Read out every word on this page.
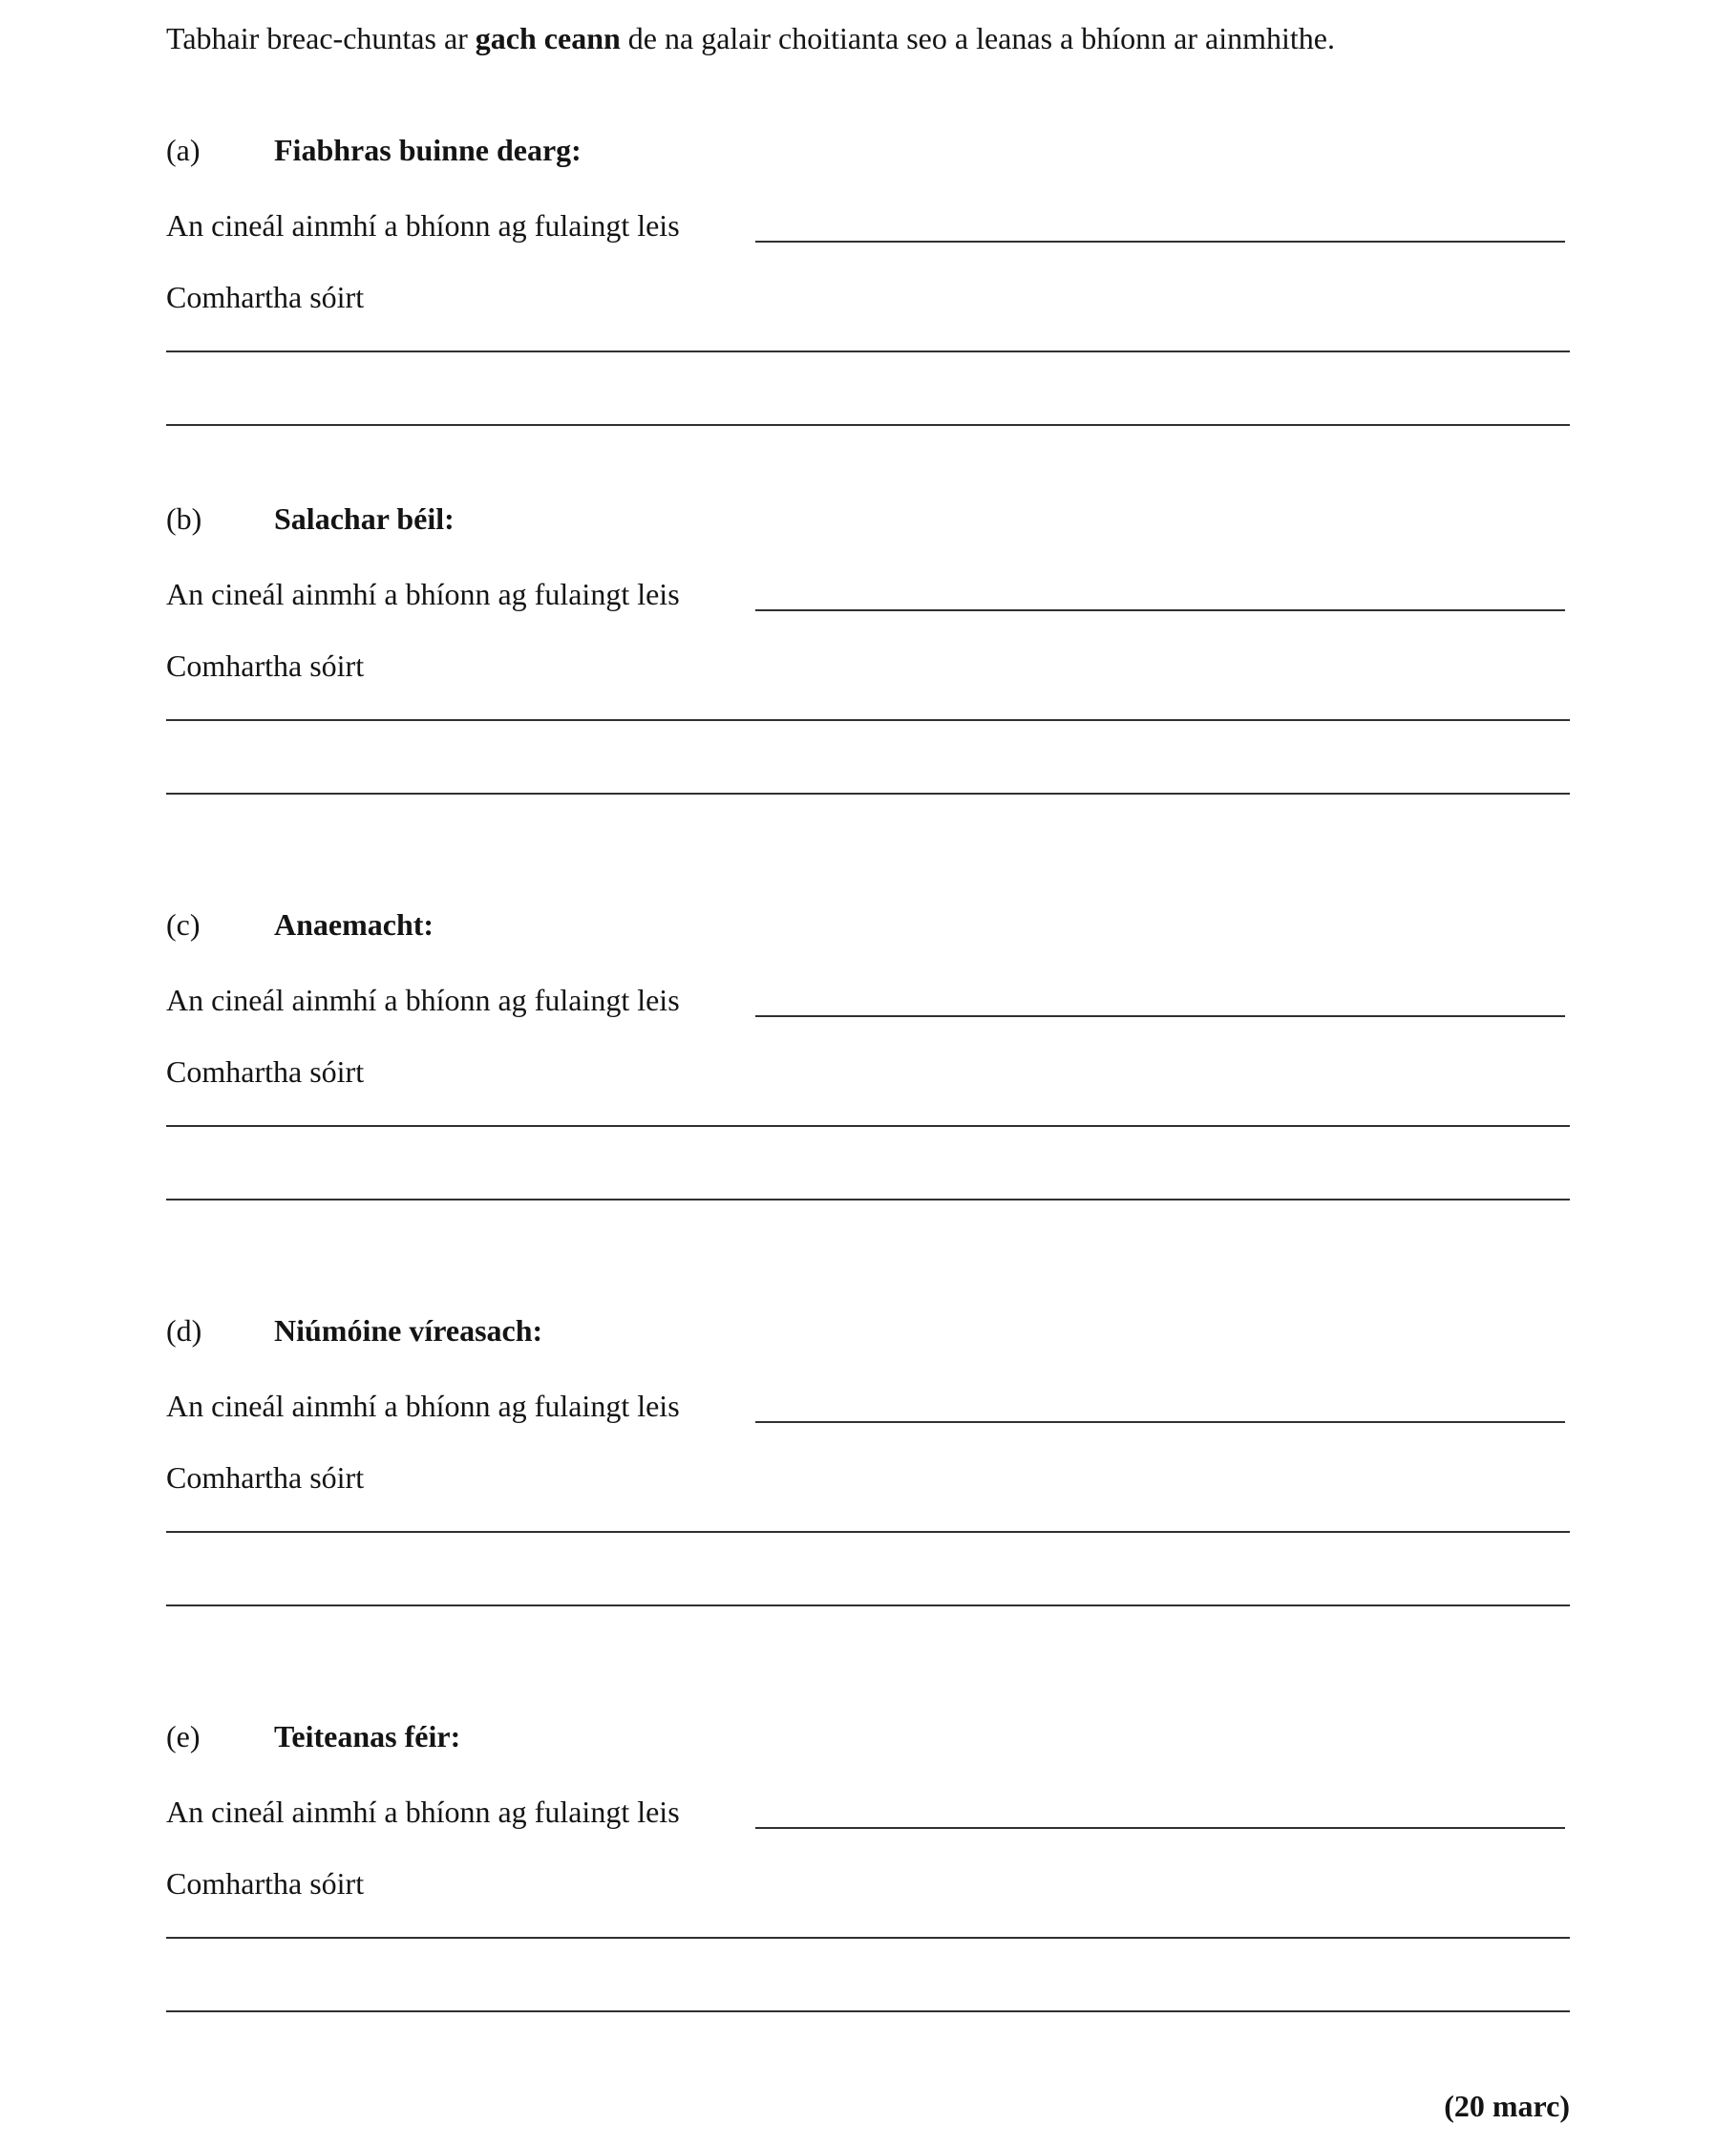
Tabhair breac-chuntas ar gach ceann de na galair choitianta seo a leanas a bhíonn ar ainmhithe.

(a) Fiabhras buinne dearg:
An cineál ainmhí a bhíonn ag fulaingt leis
Comhartha sóirt
(b) Salachar béil:
An cineál ainmhí a bhíonn ag fulaingt leis
Comhartha sóirt
(c) Anaemacht:
An cineál ainmhí a bhíonn ag fulaingt leis
Comhartha sóirt
(d) Niúmóine víreasach:
An cineál ainmhí a bhíonn ag fulaingt leis
Comhartha sóirt
(e) Teiteanas féir:
An cineál ainmhí a bhíonn ag fulaingt leis
Comhartha sóirt
(20 marc)
